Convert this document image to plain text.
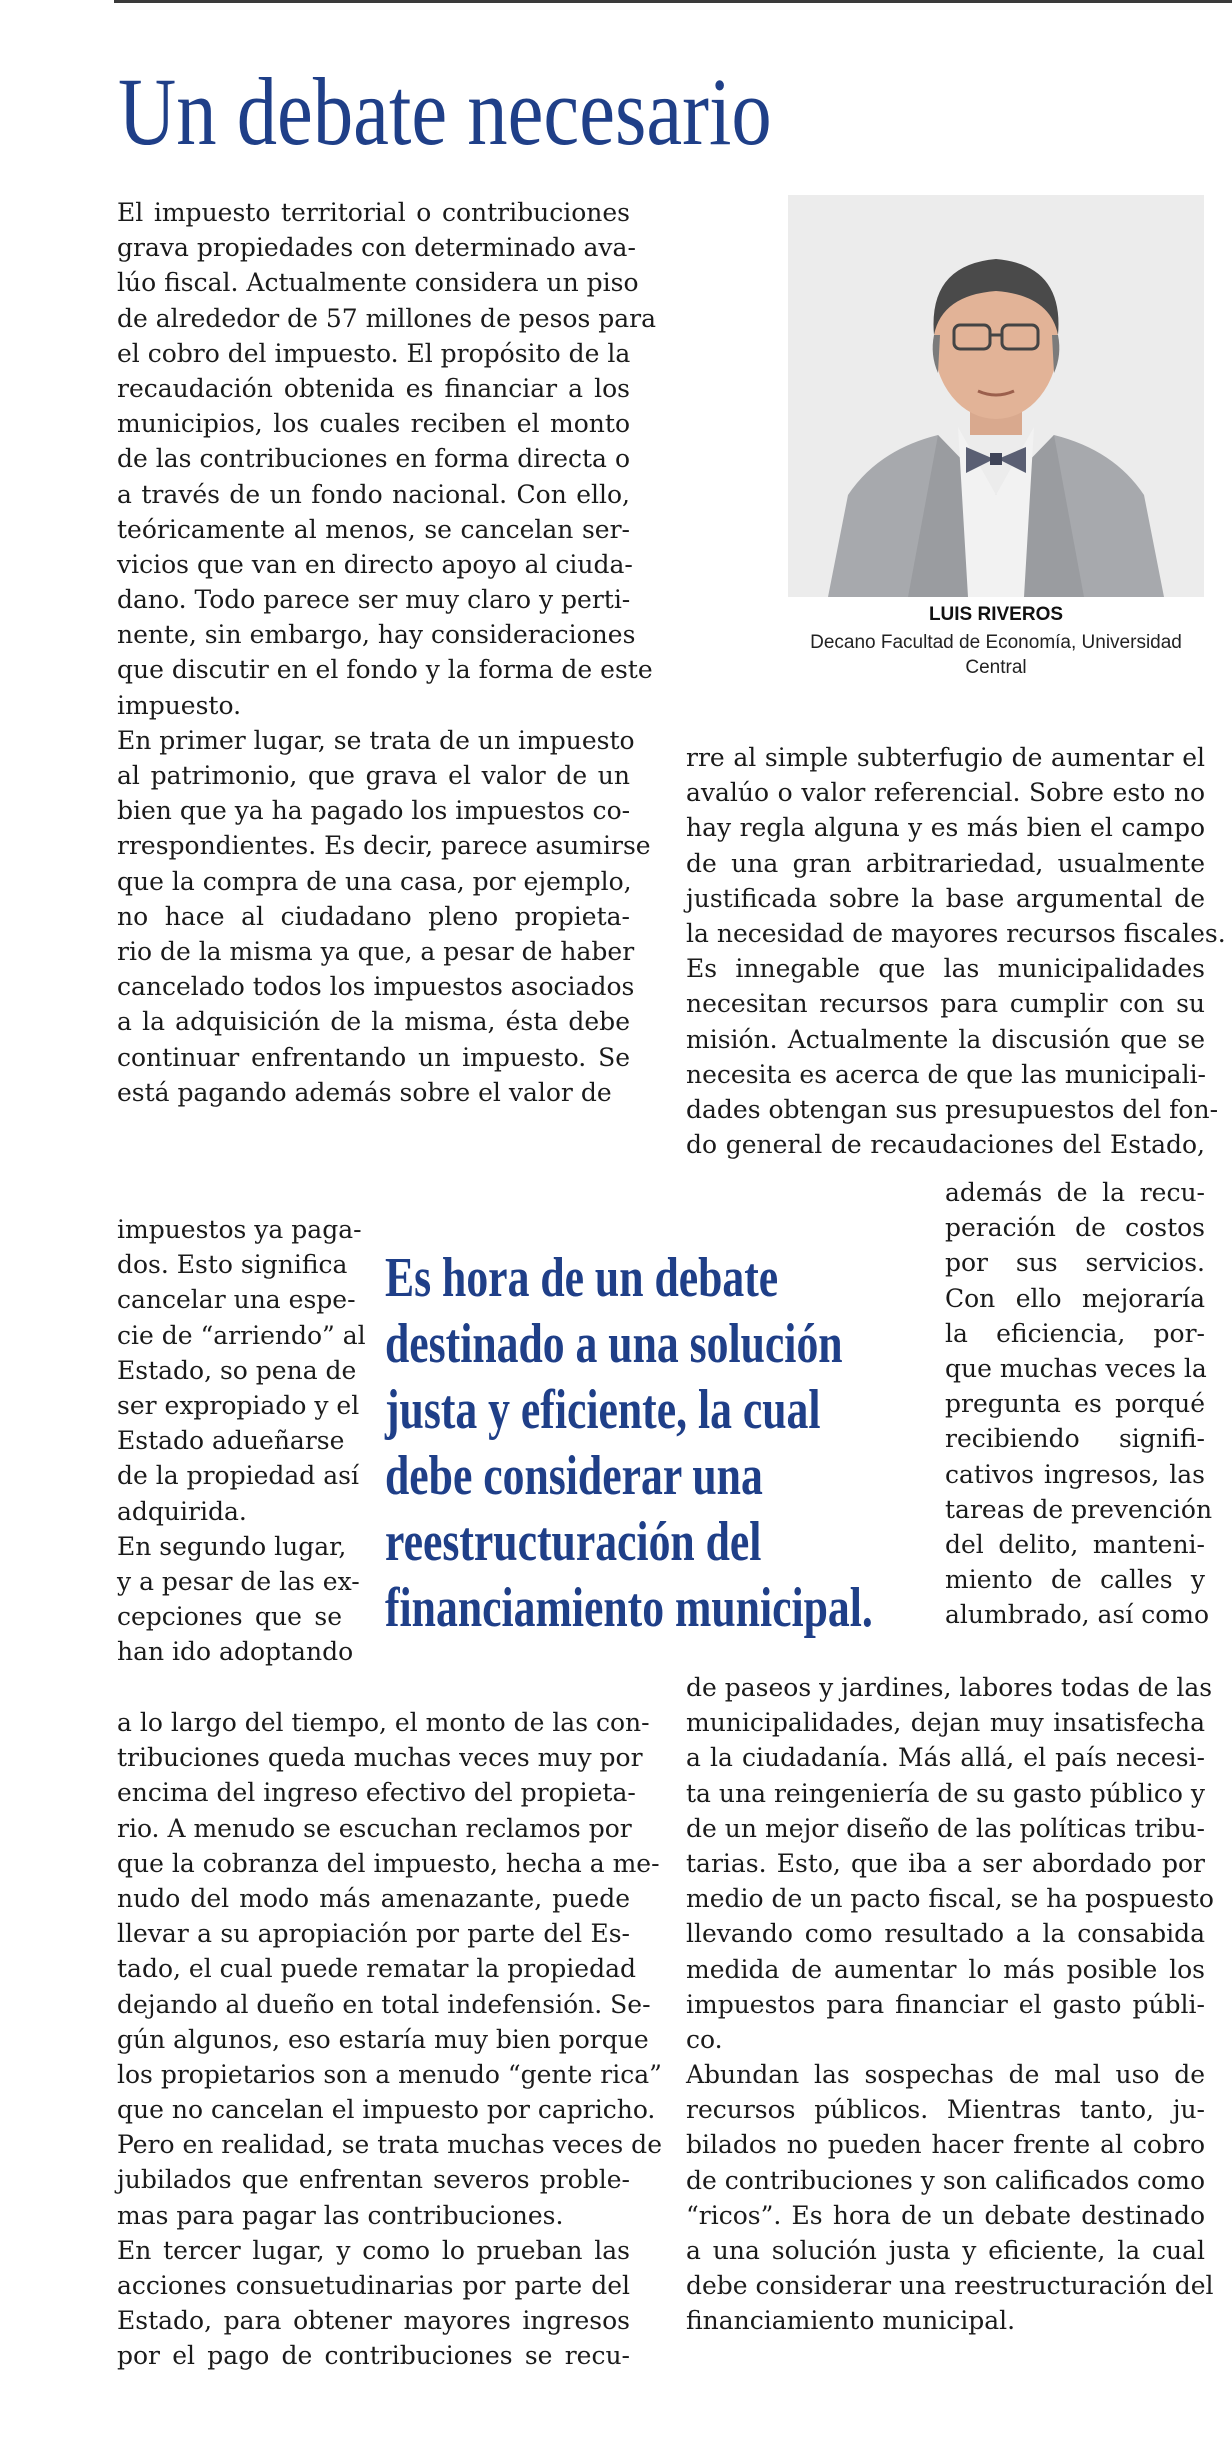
Un debate necesario
LUIS RIVEROS
Decano Facultad de Economía, Universidad
Central
Es hora de un debate
destinado a una solución
justa y eficiente, la cual
debe considerar una
reestructuración del
financiamiento municipal.
El impuesto territorial o contribuciones
grava propiedades con determinado ava-
lúo fiscal. Actualmente considera un piso
de alrededor de 57 millones de pesos para
el cobro del impuesto. El propósito de la
recaudación obtenida es financiar a los
municipios, los cuales reciben el monto
de las contribuciones en forma directa o
a través de un fondo nacional. Con ello,
teóricamente al menos, se cancelan ser-
vicios que van en directo apoyo al ciuda-
dano. Todo parece ser muy claro y perti-
nente, sin embargo, hay consideraciones
que discutir en el fondo y la forma de este
impuesto.
En primer lugar, se trata de un impuesto
al patrimonio, que grava el valor de un
bien que ya ha pagado los impuestos co-
rrespondientes. Es decir, parece asumirse
que la compra de una casa, por ejemplo,
no hace al ciudadano pleno propieta-
rio de la misma ya que, a pesar de haber
cancelado todos los impuestos asociados
a la adquisición de la misma, ésta debe
continuar enfrentando un impuesto. Se
está pagando además sobre el valor de
impuestos ya paga-
dos. Esto significa
cancelar una espe-
cie de “arriendo” al
Estado, so pena de
ser expropiado y el
Estado adueñarse
de la propiedad así
adquirida.
En segundo lugar,
y a pesar de las ex-
cepciones que se
han ido adoptando
a lo largo del tiempo, el monto de las con-
tribuciones queda muchas veces muy por
encima del ingreso efectivo del propieta-
rio. A menudo se escuchan reclamos por
que la cobranza del impuesto, hecha a me-
nudo del modo más amenazante, puede
llevar a su apropiación por parte del Es-
tado, el cual puede rematar la propiedad
dejando al dueño en total indefensión. Se-
gún algunos, eso estaría muy bien porque
los propietarios son a menudo “gente rica”
que no cancelan el impuesto por capricho.
Pero en realidad, se trata muchas veces de
jubilados que enfrentan severos proble-
mas para pagar las contribuciones.
En tercer lugar, y como lo prueban las
acciones consuetudinarias por parte del
Estado, para obtener mayores ingresos
por el pago de contribuciones se recu-
rre al simple subterfugio de aumentar el
avalúo o valor referencial. Sobre esto no
hay regla alguna y es más bien el campo
de una gran arbitrariedad, usualmente
justificada sobre la base argumental de
la necesidad de mayores recursos fiscales.
Es innegable que las municipalidades
necesitan recursos para cumplir con su
misión. Actualmente la discusión que se
necesita es acerca de que las municipali-
dades obtengan sus presupuestos del fon-
do general de recaudaciones del Estado,
además de la recu-
peración de costos
por sus servicios.
Con ello mejoraría
la eficiencia, por-
que muchas veces la
pregunta es porqué
recibiendo signifi-
cativos ingresos, las
tareas de prevención
del delito, manteni-
miento de calles y
alumbrado, así como
de paseos y jardines, labores todas de las
municipalidades, dejan muy insatisfecha
a la ciudadanía. Más allá, el país necesi-
ta una reingeniería de su gasto público y
de un mejor diseño de las políticas tribu-
tarias. Esto, que iba a ser abordado por
medio de un pacto fiscal, se ha pospuesto
llevando como resultado a la consabida
medida de aumentar lo más posible los
impuestos para financiar el gasto públi-
co.
Abundan las sospechas de mal uso de
recursos públicos. Mientras tanto, ju-
bilados no pueden hacer frente al cobro
de contribuciones y son calificados como
“ricos”. Es hora de un debate destinado
a una solución justa y eficiente, la cual
debe considerar una reestructuración del
financiamiento municipal.
